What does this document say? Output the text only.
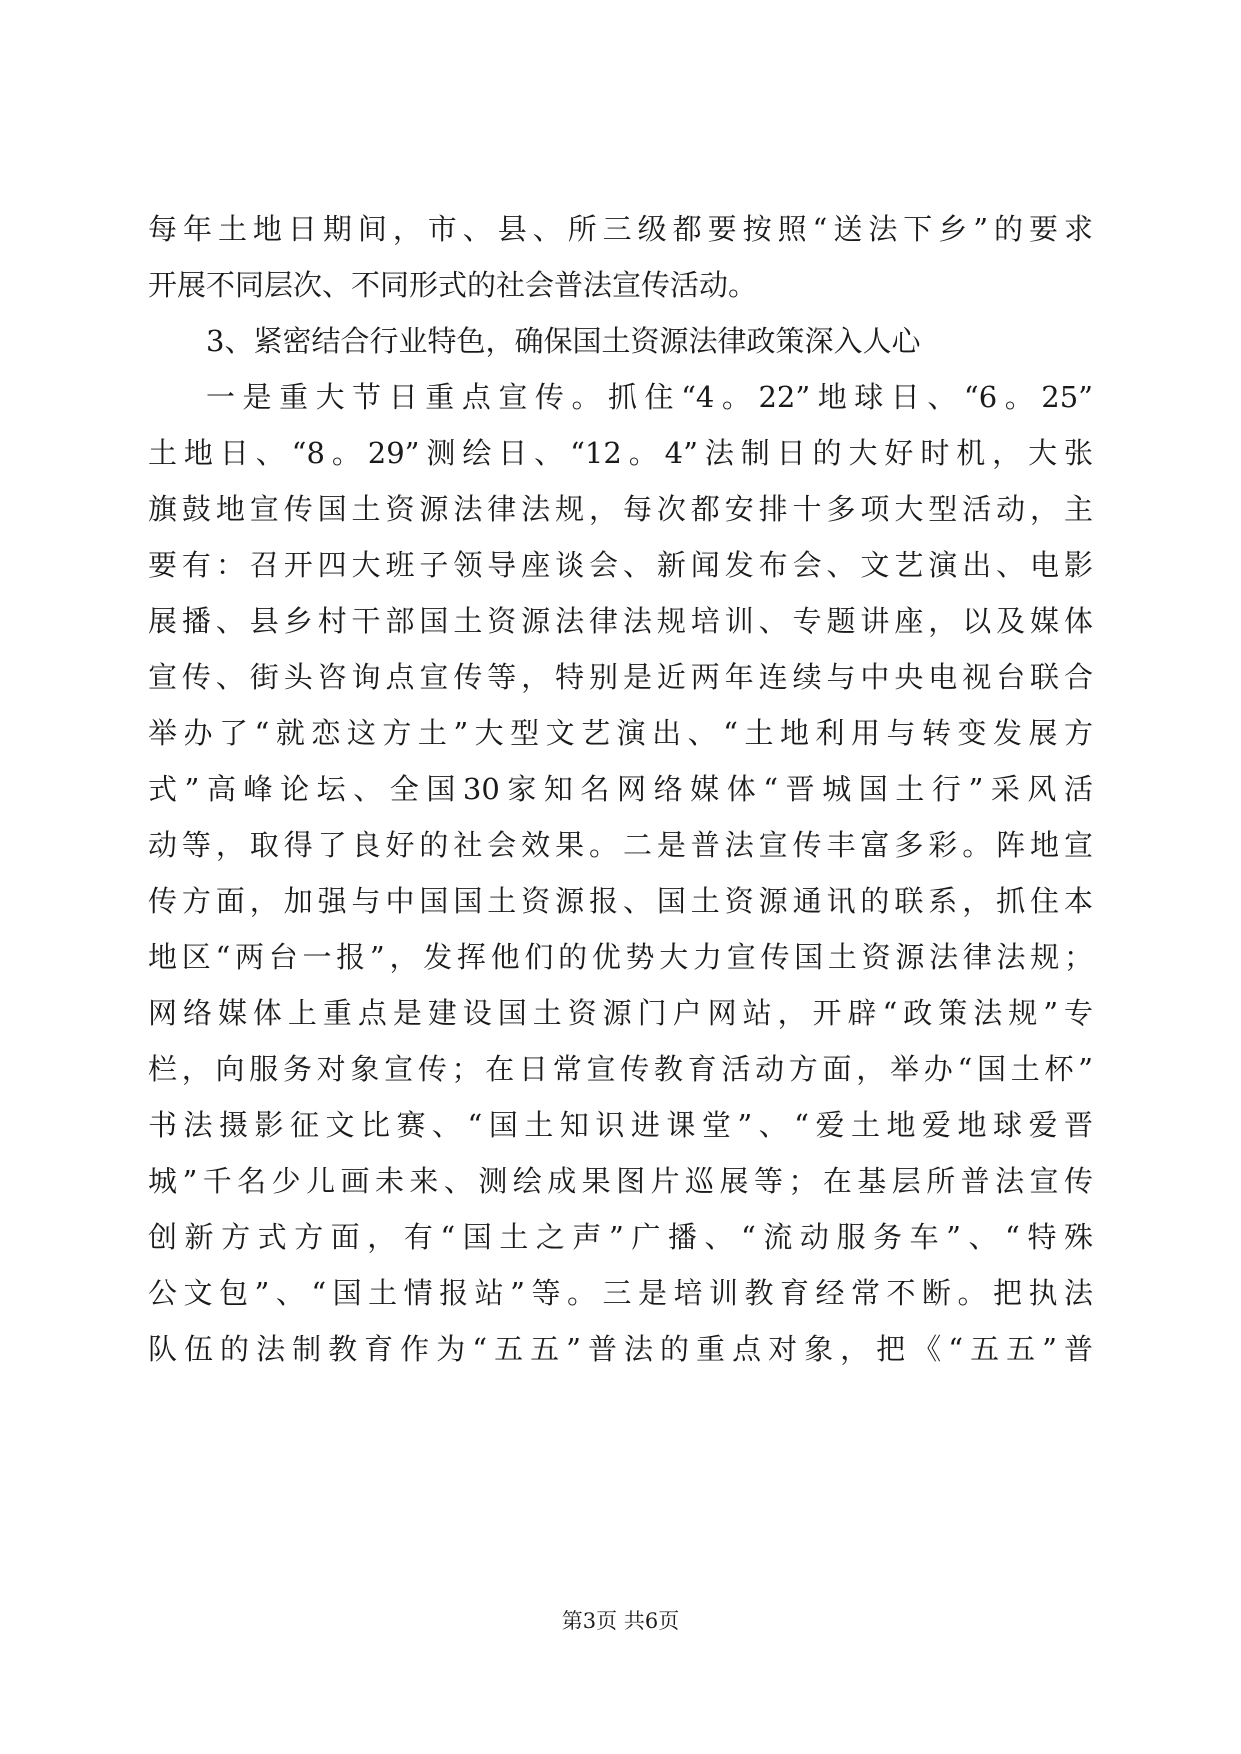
每年土地日期间，市、县、所三级都要按照“送法下乡”的要求
开展不同层次、不同形式的社会普法宣传活动。
3、紧密结合行业特色，确保国土资源法律政策深入人心
一是重大节日重点宣传。抓住“4。22”地球日、“6。25”
土地日、“8。29”测绘日、“12。4”法制日的大好时机，大张
旗鼓地宣传国土资源法律法规，每次都安排十多项大型活动，主
要有：召开四大班子领导座谈会、新闻发布会、文艺演出、电影
展播、县乡村干部国土资源法律法规培训、专题讲座，以及媒体
宣传、街头咨询点宣传等，特别是近两年连续与中央电视台联合
举办了“就恋这方土”大型文艺演出、“土地利用与转变发展方
式”高峰论坛、全国30家知名网络媒体“晋城国土行”采风活
动等，取得了良好的社会效果。二是普法宣传丰富多彩。阵地宣
传方面，加强与中国国土资源报、国土资源通讯的联系，抓住本
地区“两台一报”，发挥他们的优势大力宣传国土资源法律法规；
网络媒体上重点是建设国土资源门户网站，开辟“政策法规”专
栏，向服务对象宣传；在日常宣传教育活动方面，举办“国土杯”
书法摄影征文比赛、“国土知识进课堂”、“爱土地爱地球爱晋
城”千名少儿画未来、测绘成果图片巡展等；在基层所普法宣传
创新方式方面，有“国土之声”广播、“流动服务车”、“特殊
公文包”、“国土情报站”等。三是培训教育经常不断。把执法
队伍的法制教育作为“五五”普法的重点对象，把《“五五”普
第3页 共6页
